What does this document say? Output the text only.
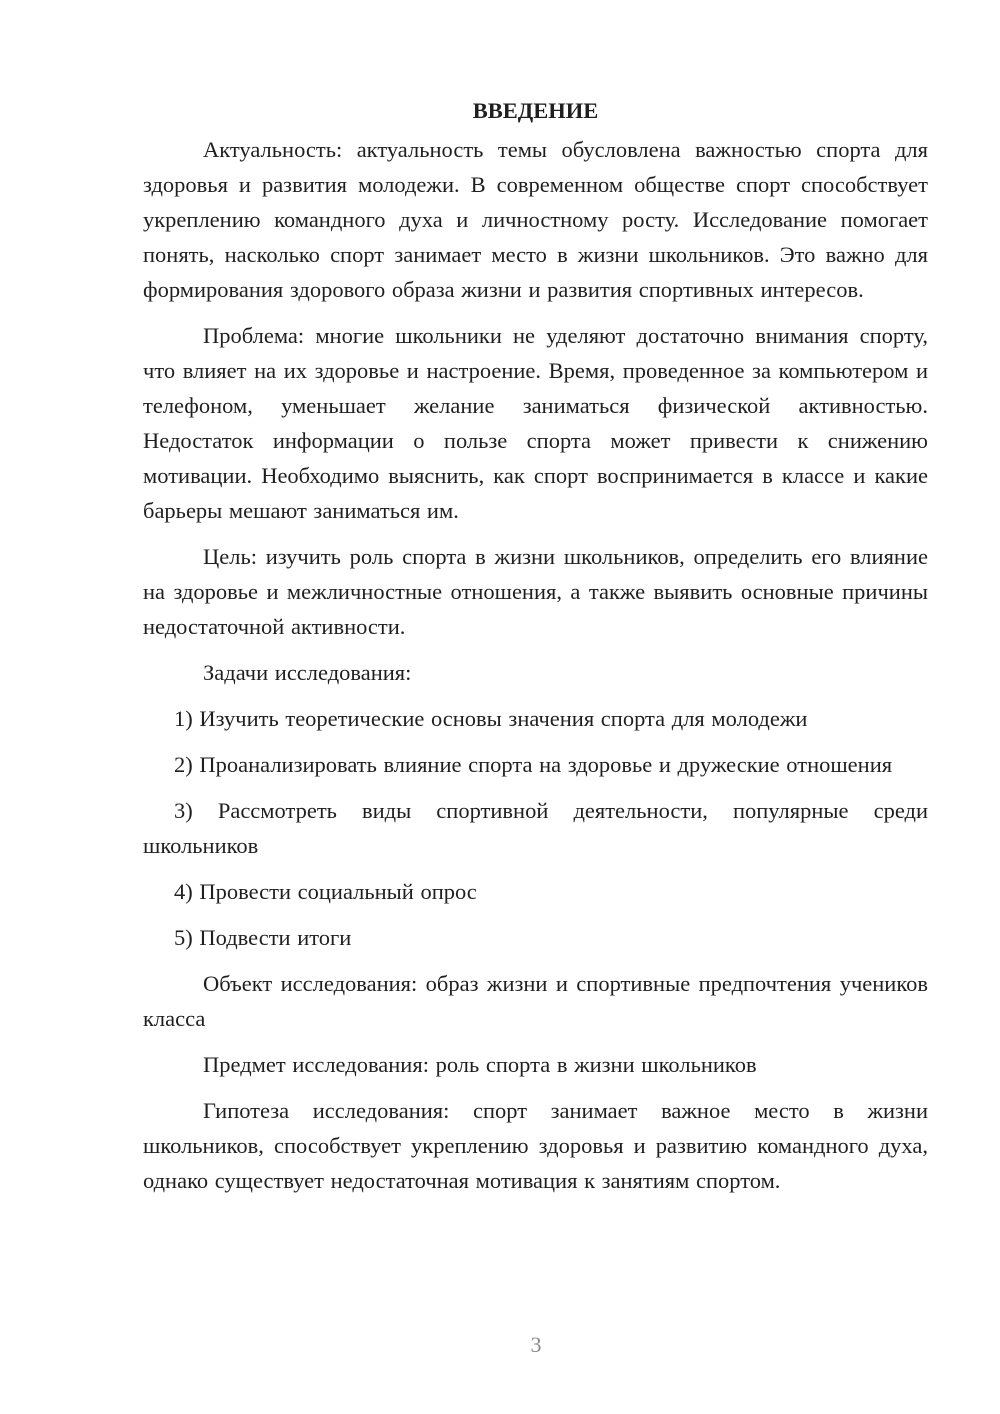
ВВЕДЕНИЕ

Актуальность: актуальность темы обусловлена важностью спорта для здоровья и развития молодежи. В современном обществе спорт способствует укреплению командного духа и личностному росту. Исследование помогает понять, насколько спорт занимает место в жизни школьников. Это важно для формирования здорового образа жизни и развития спортивных интересов.

Проблема: многие школьники не уделяют достаточно внимания спорту, что влияет на их здоровье и настроение. Время, проведенное за компьютером и телефоном, уменьшает желание заниматься физической активностью. Недостаток информации о пользе спорта может привести к снижению мотивации. Необходимо выяснить, как спорт воспринимается в классе и какие барьеры мешают заниматься им.

Цель: изучить роль спорта в жизни школьников, определить его влияние на здоровье и межличностные отношения, а также выявить основные причины недостаточной активности.

Задачи исследования:

1) Изучить теоретические основы значения спорта для молодежи

2) Проанализировать влияние спорта на здоровье и дружеские отношения

3) Рассмотреть виды спортивной деятельности, популярные среди школьников

4) Провести социальный опрос

5) Подвести итоги

Объект исследования: образ жизни и спортивные предпочтения учеников класса

Предмет исследования: роль спорта в жизни школьников

Гипотеза исследования: спорт занимает важное место в жизни школьников, способствует укреплению здоровья и развитию командного духа, однако существует недостаточная мотивация к занятиям спортом.

3
